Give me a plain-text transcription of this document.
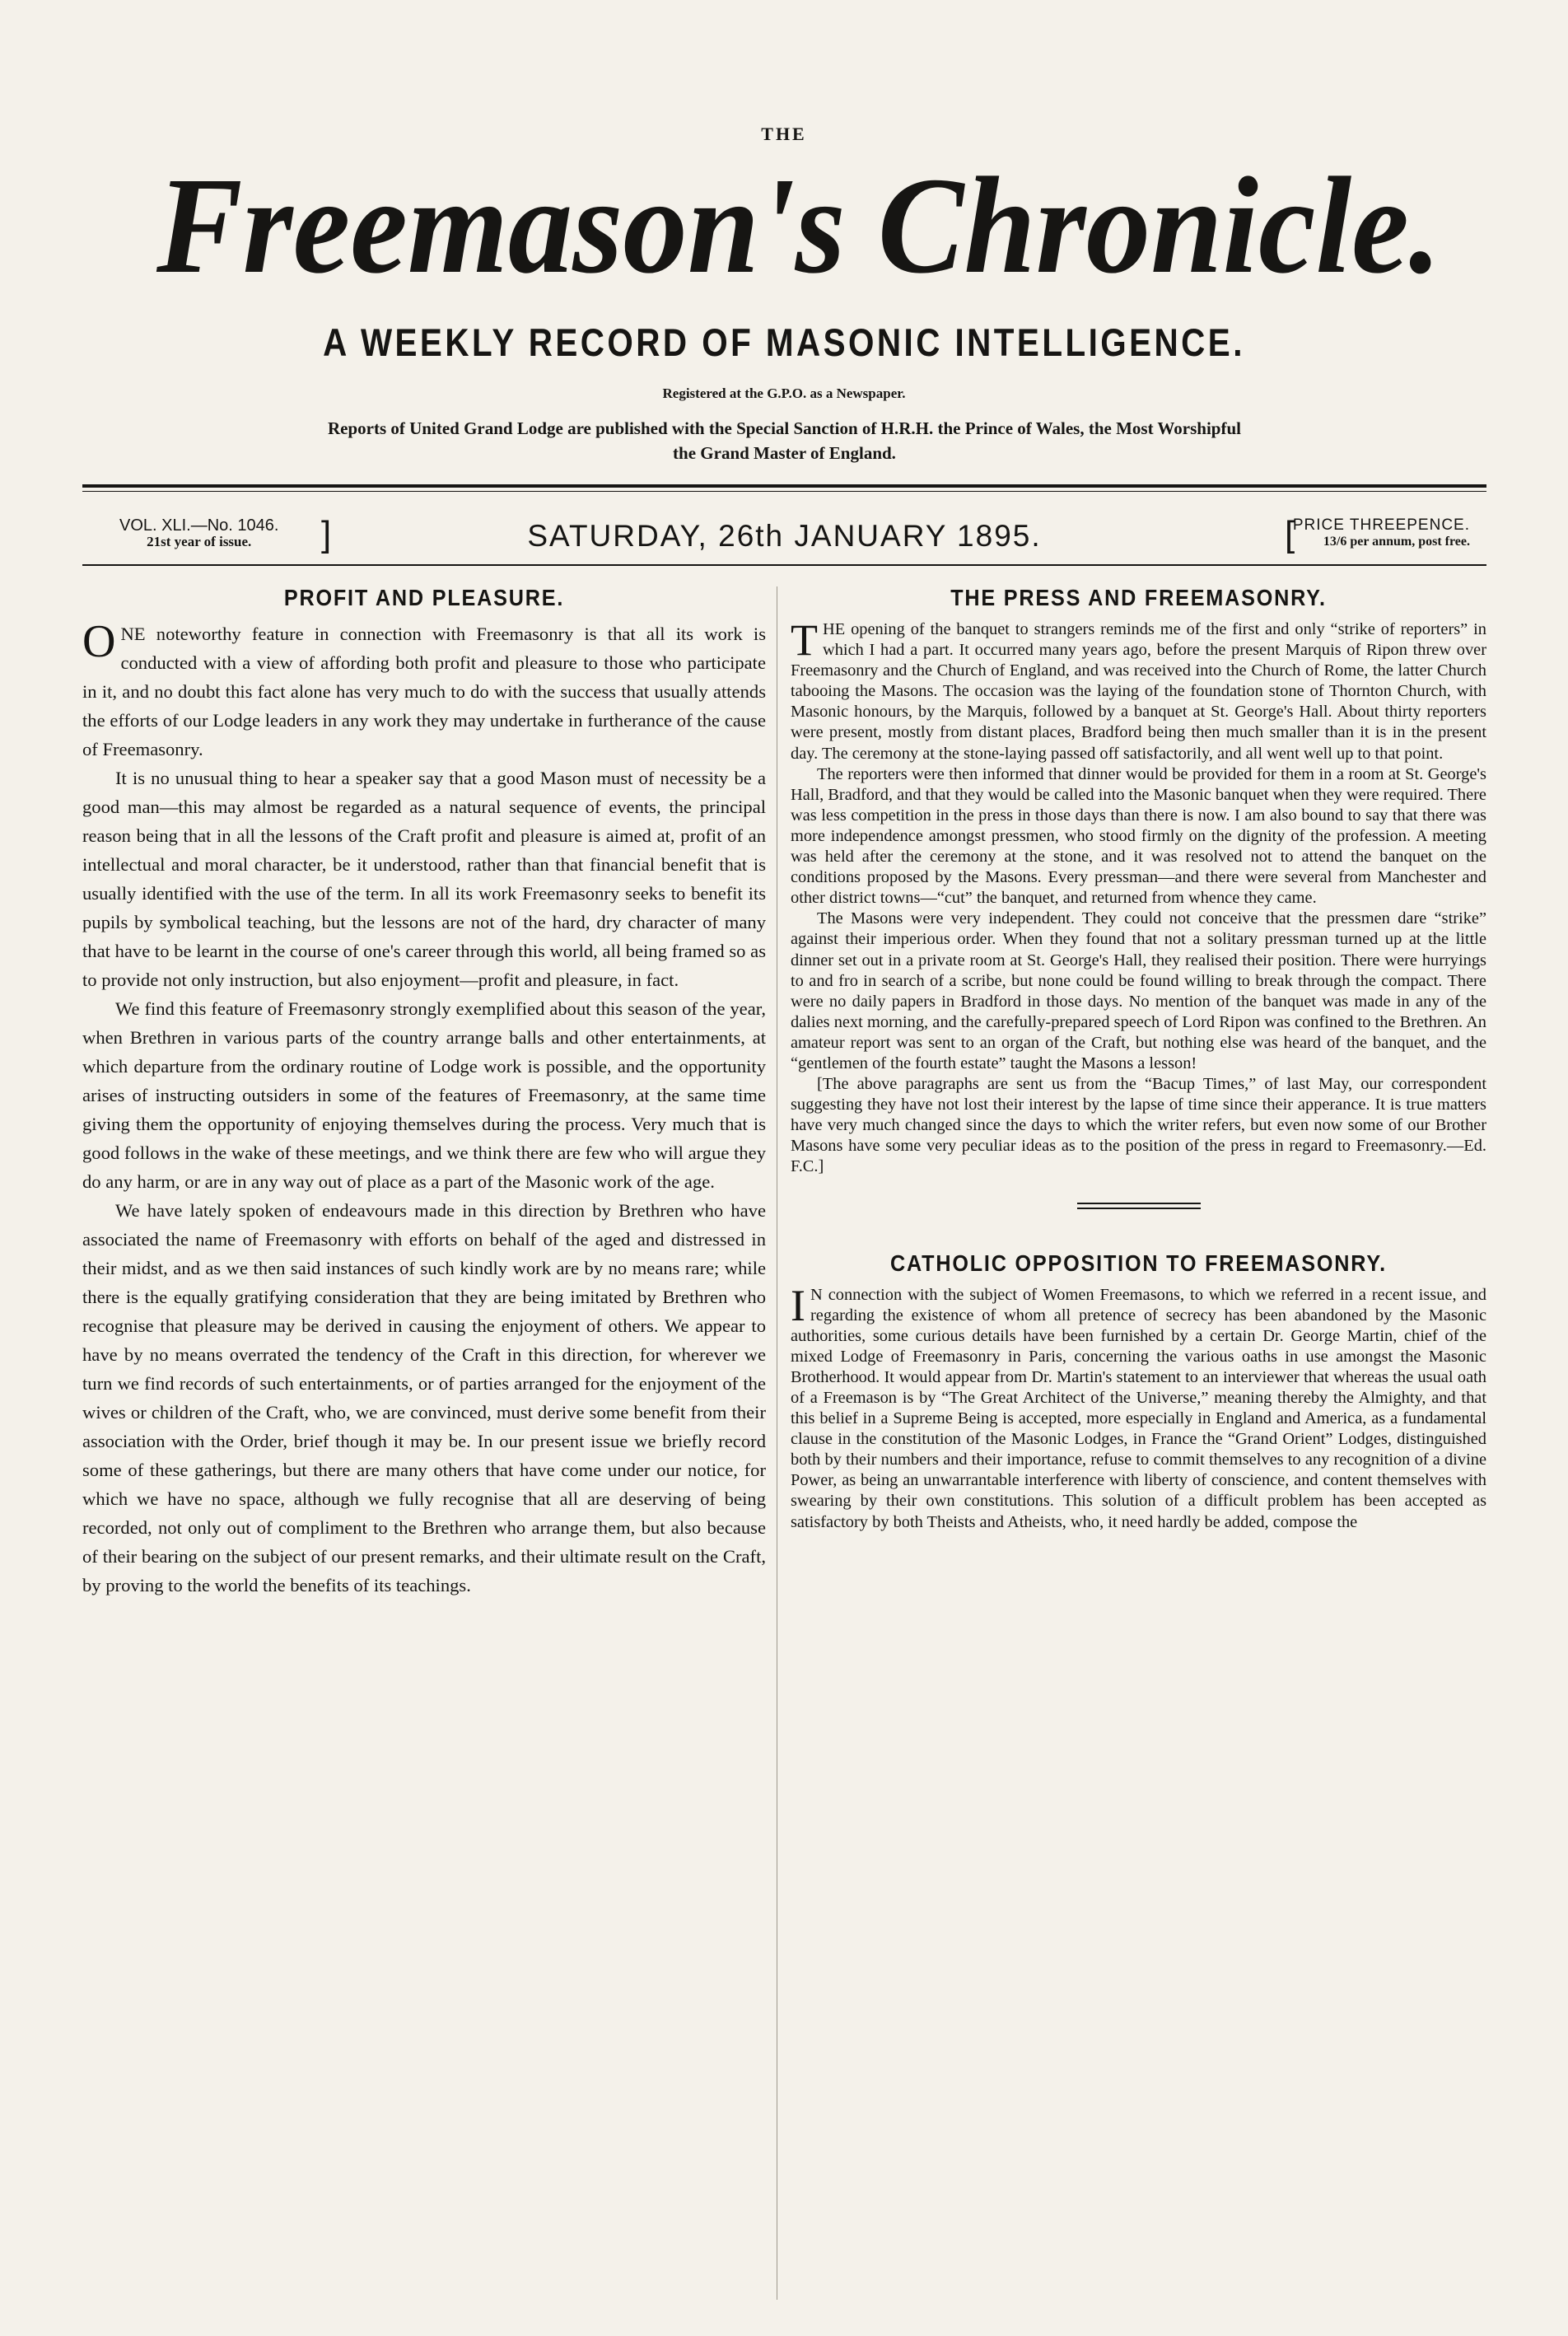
THE
Freemason's Chronicle.
A WEEKLY RECORD OF MASONIC INTELLIGENCE.
Registered at the G.P.O. as a Newspaper.
Reports of United Grand Lodge are published with the Special Sanction of H.R.H. the Prince of Wales, the Most Worshipful
the Grand Master of England.
VOL. XLI.—No. 1046.
21st year of issue.	]	SATURDAY, 26th JANUARY 1895.	[
PRICE THREEPENCE.
13/6 per annum, post free.
PROFIT AND PLEASURE.

ONE noteworthy feature in connection with Freemasonry is that all its work is conducted with a view of affording both profit and pleasure to those who participate in it, and no doubt this fact alone has very much to do with the success that usually attends the efforts of our Lodge leaders in any work they may undertake in furtherance of the cause of Freemasonry.

It is no unusual thing to hear a speaker say that a good Mason must of necessity be a good man—this may almost be regarded as a natural sequence of events, the principal reason being that in all the lessons of the Craft profit and pleasure is aimed at, profit of an intellectual and moral character, be it understood, rather than that financial benefit that is usually identified with the use of the term. In all its work Freemasonry seeks to benefit its pupils by symbolical teaching, but the lessons are not of the hard, dry character of many that have to be learnt in the course of one's career through this world, all being framed so as to provide not only instruction, but also enjoyment—profit and pleasure, in fact.

We find this feature of Freemasonry strongly exemplified about this season of the year, when Brethren in various parts of the country arrange balls and other entertainments, at which departure from the ordinary routine of Lodge work is possible, and the opportunity arises of instructing outsiders in some of the features of Freemasonry, at the same time giving them the opportunity of enjoying themselves during the process. Very much that is good follows in the wake of these meetings, and we think there are few who will argue they do any harm, or are in any way out of place as a part of the Masonic work of the age.

We have lately spoken of endeavours made in this direction by Brethren who have associated the name of Freemasonry with efforts on behalf of the aged and distressed in their midst, and as we then said instances of such kindly work are by no means rare; while there is the equally gratifying consideration that they are being imitated by Brethren who recognise that pleasure may be derived in causing the enjoyment of others. We appear to have by no means overrated the tendency of the Craft in this direction, for wherever we turn we find records of such entertainments, or of parties arranged for the enjoyment of the wives or children of the Craft, who, we are convinced, must derive some benefit from their association with the Order, brief though it may be. In our present issue we briefly record some of these gatherings, but there are many others that have come under our notice, for which we have no space, although we fully recognise that all are deserving of being recorded, not only out of compliment to the Brethren who arrange them, but also because of their bearing on the subject of our present remarks, and their ultimate result on the Craft, by proving to the world the benefits of its teachings.

THE PRESS AND FREEMASONRY.

THE opening of the banquet to strangers reminds me of the first and only “strike of reporters” in which I had a part. It occurred many years ago, before the present Marquis of Ripon threw over Freemasonry and the Church of England, and was received into the Church of Rome, the latter Church tabooing the Masons. The occasion was the laying of the foundation stone of Thornton Church, with Masonic honours, by the Marquis, followed by a banquet at St. George's Hall. About thirty reporters were present, mostly from distant places, Bradford being then much smaller than it is in the present day. The ceremony at the stone-laying passed off satisfactorily, and all went well up to that point.

The reporters were then informed that dinner would be provided for them in a room at St. George's Hall, Bradford, and that they would be called into the Masonic banquet when they were required. There was less competition in the press in those days than there is now. I am also bound to say that there was more independence amongst pressmen, who stood firmly on the dignity of the profession. A meeting was held after the ceremony at the stone, and it was resolved not to attend the banquet on the conditions proposed by the Masons. Every pressman—and there were several from Manchester and other district towns—“cut” the banquet, and returned from whence they came.

The Masons were very independent. They could not conceive that the pressmen dare “strike” against their imperious order. When they found that not a solitary pressman turned up at the little dinner set out in a private room at St. George's Hall, they realised their position. There were hurryings to and fro in search of a scribe, but none could be found willing to break through the compact. There were no daily papers in Bradford in those days. No mention of the banquet was made in any of the dalies next morning, and the carefully-prepared speech of Lord Ripon was confined to the Brethren. An amateur report was sent to an organ of the Craft, but nothing else was heard of the banquet, and the “gentlemen of the fourth estate” taught the Masons a lesson!

[The above paragraphs are sent us from the “Bacup Times,” of last May, our correspondent suggesting they have not lost their interest by the lapse of time since their apperance. It is true matters have very much changed since the days to which the writer refers, but even now some of our Brother Masons have some very peculiar ideas as to the position of the press in regard to Freemasonry.—Ed. F.C.]

CATHOLIC OPPOSITION TO FREEMASONRY.

I N connection with the subject of Women Freemasons, to which we referred in a recent issue, and regarding the existence of whom all pretence of secrecy has been abandoned by the Masonic authorities, some curious details have been furnished by a certain Dr. George Martin, chief of the mixed Lodge of Freemasonry in Paris, concerning the various oaths in use amongst the Masonic Brotherhood. It would appear from Dr. Martin's statement to an interviewer that whereas the usual oath of a Freemason is by “The Great Architect of the Universe,” meaning thereby the Almighty, and that this belief in a Supreme Being is accepted, more especially in England and America, as a fundamental clause in the constitution of the Masonic Lodges, in France the “Grand Orient” Lodges, distinguished both by their numbers and their importance, refuse to commit themselves to any recognition of a divine Power, as being an unwarrantable interference with liberty of conscience, and content themselves with swearing by their own constitutions. This solution of a difficult problem has been accepted as satisfactory by both Theists and Atheists, who, it need hardly be added, compose the
